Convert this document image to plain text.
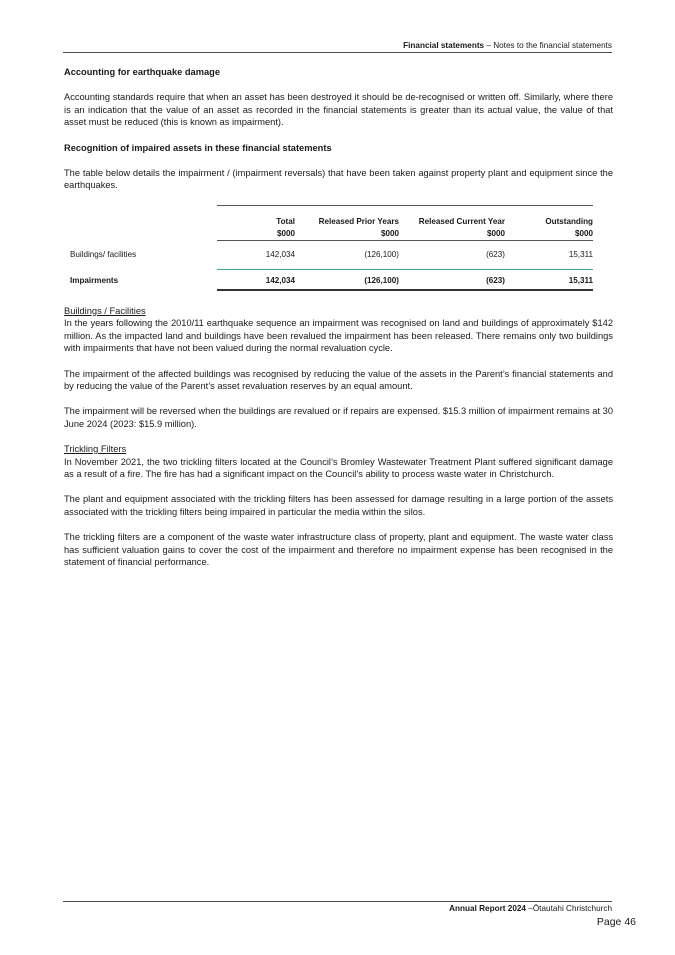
Financial statements – Notes to the financial statements
Accounting for earthquake damage

Accounting standards require that when an asset has been destroyed it should be de-recognised or written off. Similarly, where there is an indication that the value of an asset as recorded in the financial statements is greater than its actual value, the value of that asset must be reduced (this is known as impairment).

Recognition of impaired assets in these financial statements

The table below details the impairment / (impairment reversals) that have been taken against property plant and equipment since the earthquakes.

	Total	Released Prior Years	Released Current Year	Outstanding
	$000	$000	$000	$000
Buildings/ facilities	142,034	(126,100)	(623)	15,311
Impairments	142,034	(126,100)	(623)	15,311

Buildings / Facilities
In the years following the 2010/11 earthquake sequence an impairment was recognised on land and buildings of approximately $142 million. As the impacted land and buildings have been revalued the impairment has been released. There remains only two buildings with impairments that have not been valued during the normal revaluation cycle.

The impairment of the affected buildings was recognised by reducing the value of the assets in the Parent’s financial statements and by reducing the value of the Parent’s asset revaluation reserves by an equal amount.

The impairment will be reversed when the buildings are revalued or if repairs are expensed. $15.3 million of impairment remains at 30 June 2024 (2023: $15.9 million).

Trickling Filters
In November 2021, the two trickling filters located at the Council’s Bromley Wastewater Treatment Plant suffered significant damage as a result of a fire. The fire has had a significant impact on the Council’s ability to process waste water in Christchurch.

The plant and equipment associated with the trickling filters has been assessed for damage resulting in a large portion of the assets associated with the trickling filters being impaired in particular the media within the silos.

The trickling filters are a component of the waste water infrastructure class of property, plant and equipment. The waste water class has sufficient valuation gains to cover the cost of the impairment and therefore no impairment expense has been recognised in the statement of financial performance.

Annual Report 2024 –Ōtautahi Christchurch
Page 46
